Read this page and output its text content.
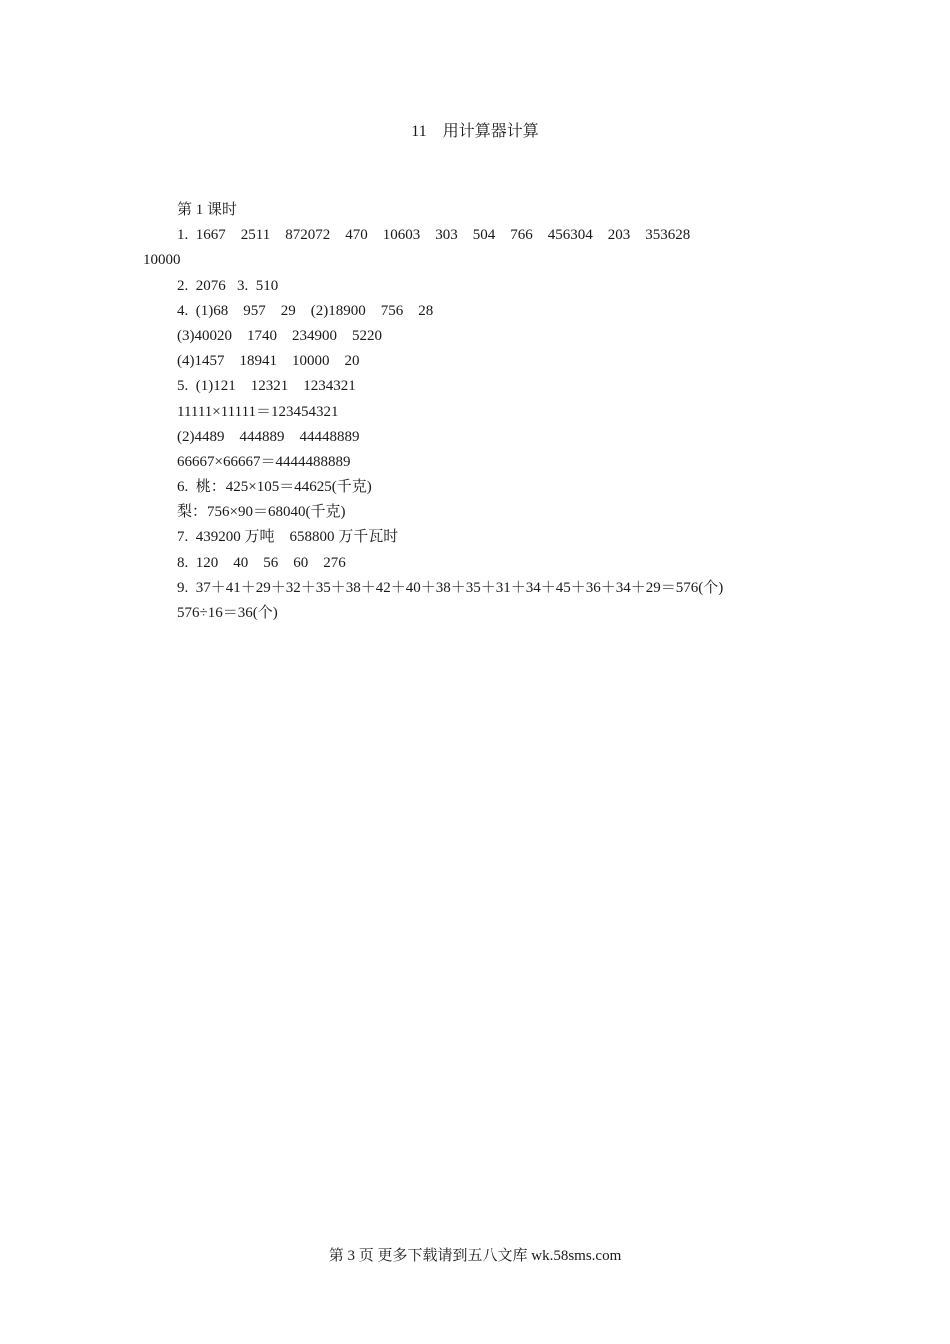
11　用计算器计算
第 1 课时
1.  1667    2511    872072    470    10603    303    504    766    456304    203    353628
10000
2.  2076   3.  510
4.  (1)68    957    29    (2)18900    756    28
(3)40020    1740    234900    5220
(4)1457    18941    10000    20
5.  (1)121    12321    1234321
11111×11111＝123454321
(2)4489    444889    44448889
66667×66667＝4444488889
6.  桃：425×105＝44625(千克)
梨：756×90＝68040(千克)
7.  439200 万吨    658800 万千瓦时
8.  120    40    56    60    276
9.  37＋41＋29＋32＋35＋38＋42＋40＋38＋35＋31＋34＋45＋36＋34＋29＝576(个)
576÷16＝36(个)
第 3 页 更多下载请到五八文库 wk.58sms.com
